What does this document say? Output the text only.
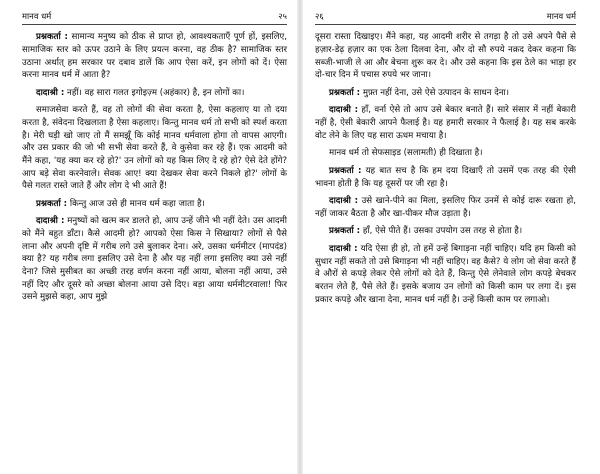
मानव धर्म	२५

प्रश्नकर्ता : सामान्य मनुष्य को ठीक से प्राप्त हो, आवश्यकताएँ पूर्ण हों, इसलिए, सामाजिक स्तर को ऊपर उठाने के लिए प्रयत्न करना, वह ठीक है? सामाजिक स्तर उठाना अर्थात् हम सरकार पर दबाव डालें कि आप ऐसा करें, इन लोगों को दें। ऐसा करना मानव धर्म में आता है?

दादाश्री : नहीं। वह सारा गलत इगोइज़्म (अहंकार) है, इन लोगों का।

समाजसेवा करते हैं, वह तो लोगों की सेवा करता है, ऐसा कहलाए या तो दया करता है, संवेदना दिखलाता है ऐसा कहलाए। किन्तु मानव धर्म तो सभी को स्पर्श करता है। मेरी घड़ी खो जाए तो मैं समझूँ कि कोई मानव धर्मवाला होगा तो वापस आएगी। और उस प्रकार की जो भी सभी सेवा करते हैं, वे कुसेवा कर रहे हैं। एक आदमी को मैंने कहा, 'यह क्या कर रहे हो?' उन लोगों को यह किस लिए दे रहे हो? ऐसे देते होंगे? आप बड़े सेवा करनेवाले। सेवक आए! क्या देखकर सेवा करने निकले हो?' लोगों के पैसे गलत रास्ते जाते हैं और लोग दे भी आते हैं!

प्रश्नकर्ता : किन्तु आज उसे ही मानव धर्म कहा जाता है।

दादाश्री : मनुष्यों को खत्म कर डालते हो, आप उन्हें जीने भी नहीं देते। उस आदमी को मैंने बहुत डाँटा। कैसे आदमी हो? आपको ऐसा किस ने सिखाया? लोगों से पैसे लाना और अपनी दृष्टि में गरीब लगे उसे बुलाकर देना। अरे, उसका धर्ममीटर (मापदंड) क्या है? यह गरीब लगा इसलिए उसे देना है और यह नहीं लगा इसलिए क्या उसे नहीं देना? जिसे मुसीबत का अच्छी तरह वर्णन करना नहीं आया, बोलना नहीं आया, उसे नहीं दिए और दूसरे को अच्छा बोलना आया उसे दिए। बड़ा आया धर्ममीटरवाला! फिर उसने मुझसे कहा, आप मुझे

२६	मानव धर्म

दूसरा रास्ता दिखाइए। मैंने कहा, यह आदमी शरीर से तगड़ा है तो उसे अपने पैसे से हज़ार-डेढ़ हज़ार का एक ठेला दिलवा देना, और दो सौ रुपये नक़द देकर कहना कि सब्जी-भाजी ले आ और बेचना शुरू कर दे। और उसे कहना कि इस ठेले का भाड़ा हर दो-चार दिन में पचास रुपये भर जाना।

प्रश्नकर्ता : मुफ़्त नहीं देना, उसे ऐसे उत्पादन के साधन देना।

दादाश्री : हाँ, वर्ना ऐसे तो आप उसे बेकार बनाते हैं। सारे संसार में नहीं बेकारी नहीं है, ऐसी बेकारी आपने फैलाई है। यह हमारी सरकार ने फैलाई है। यह सब करके वोट लेने के लिए यह सारा ऊधम मचाया है।

मानव धर्म तो सेफसाइड (सलामती) ही दिखाता है।

प्रश्नकर्ता : यह बात सच है कि हम दया दिखाएँ तो उसमें एक तरह की ऐसी भावना होती है कि यह दूसरों पर जी रहा है।

दादाश्री : उसे खाने-पीने का मिला, इसलिए फिर उनमें से कोई दारू रखता हो, नहीं जाकर बैठता है और खा-पीकर मौज उड़ाता है।

प्रश्नकर्ता : हाँ, ऐसे पीते हैं। उसका उपयोग उस तरह से होता है।

दादाश्री : यदि ऐसा ही हो, तो हमें उन्हें बिगाड़ना नहीं चाहिए। यदि हम किसी को सुधार नहीं सकते तो उसे बिगाड़ना भी नहीं चाहिए। वह कैसे? ये लोग जो सेवा करते हैं वे औरों से कपड़े लेकर ऐसे लोगों को देते हैं, किन्तु ऐसे लेनेवाले लोग कपड़े बेचकर बरतन लेते हैं, पैसे लेते हैं। इसके बजाय उन लोगों को किसी काम पर लगा दें। इस प्रकार कपड़े और खाना देना, मानव धर्म नहीं है। उन्हें किसी काम पर लगाओ।
